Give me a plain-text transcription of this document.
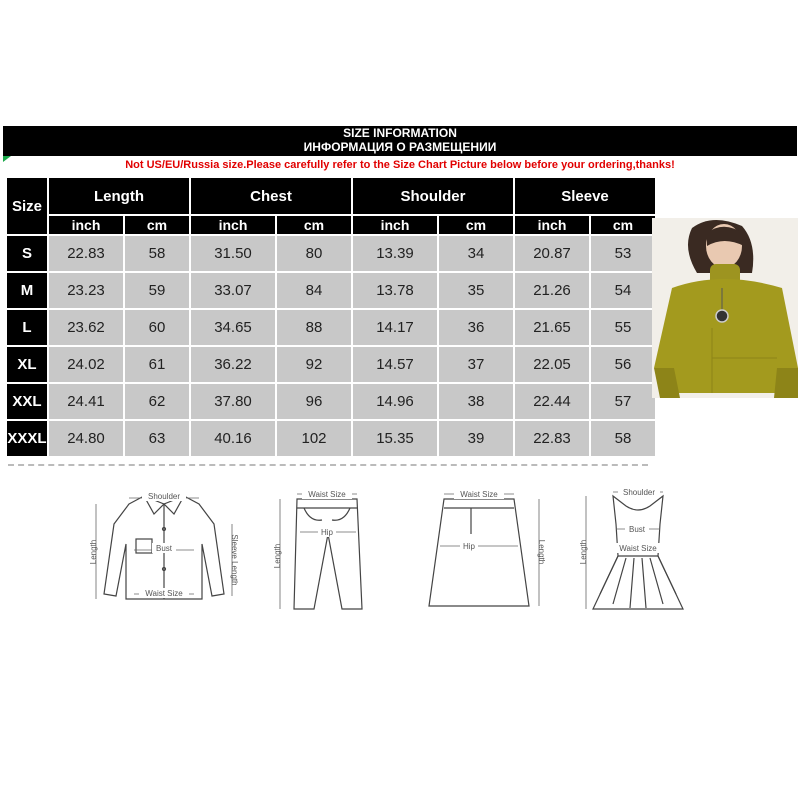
SIZE INFORMATION
ИНФОРМАЦИЯ О РАЗМЕЩЕНИИ
Not US/EU/Russia size.Please carefully refer to the Size Chart Picture below before your ordering,thanks!
Size	Length		Chest		Shoulder		Sleeve	
	inch	cm	inch	cm	inch	cm	inch	cm
S	22.83	58	31.50	80	13.39	34	20.87	53
M	23.23	59	33.07	84	13.78	35	21.26	54
L	23.62	60	34.65	88	14.17	36	21.65	55
XL	24.02	61	36.22	92	14.57	37	22.05	56
XXL	24.41	62	37.80	96	14.96	38	22.44	57
XXXL	24.80	63	40.16	102	15.35	39	22.83	58
Shoulder
Bust
Waist Size
Length	Sleeve Length
Waist Size
Hip
Length
Waist Size
Hip	Length
Shoulder
Bust
Waist Size
Length
